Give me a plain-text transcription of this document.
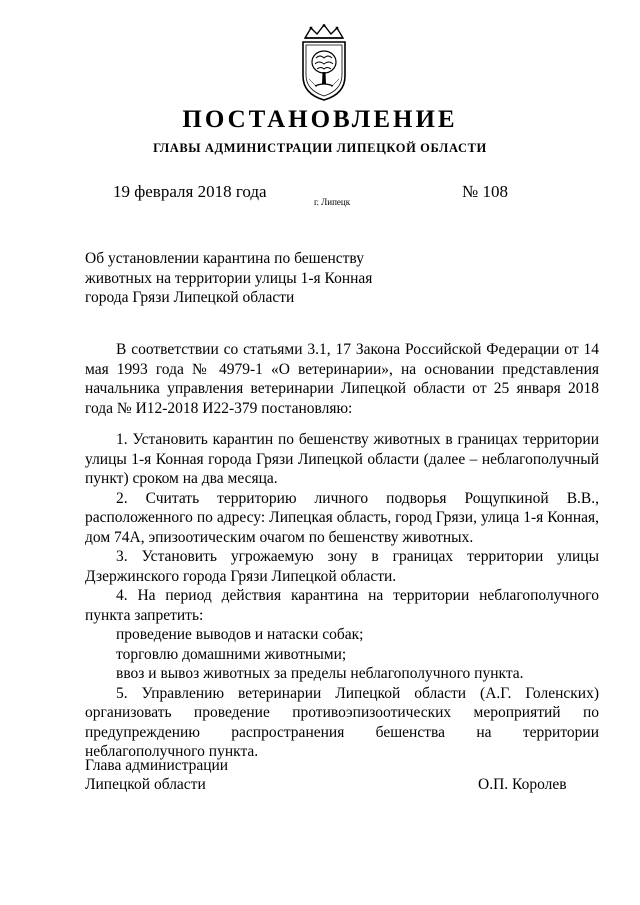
ПОСТАНОВЛЕНИЕ
ГЛАВЫ АДМИНИСТРАЦИИ ЛИПЕЦКОЙ ОБЛАСТИ
19 февраля 2018 года
г. Липецк
№ 108
Об установлении карантина по бешенству
животных на территории улицы 1-я Конная
города Грязи Липецкой области

В соответствии со статьями 3.1, 17 Закона Российской Федерации от 14 мая 1993 года № 4979-1 «О ветеринарии», на основании представления начальника управления ветеринарии Липецкой области от 25 января 2018 года № И12-2018 И22-379 постановляю:

1. Установить карантин по бешенству животных в границах территории улицы 1-я Конная города Грязи Липецкой области (далее – неблагополучный пункт) сроком на два месяца.

2. Считать территорию личного подворья Рощупкиной В.В., расположенного по адресу: Липецкая область, город Грязи, улица 1-я Конная, дом 74А, эпизоотическим очагом по бешенству животных.

3. Установить угрожаемую зону в границах территории улицы Дзержинского города Грязи Липецкой области.

4. На период действия карантина на территории неблагополучного пункта запретить:

проведение выводов и натаски собак;

торговлю домашними животными;

ввоз и вывоз животных за пределы неблагополучного пункта.

5. Управлению ветеринарии Липецкой области (А.Г. Голенских) организовать проведение противоэпизоотических мероприятий по предупреждению распространения бешенства на территории неблагополучного пункта.

Глава администрации
Липецкой области	О.П. Королев
